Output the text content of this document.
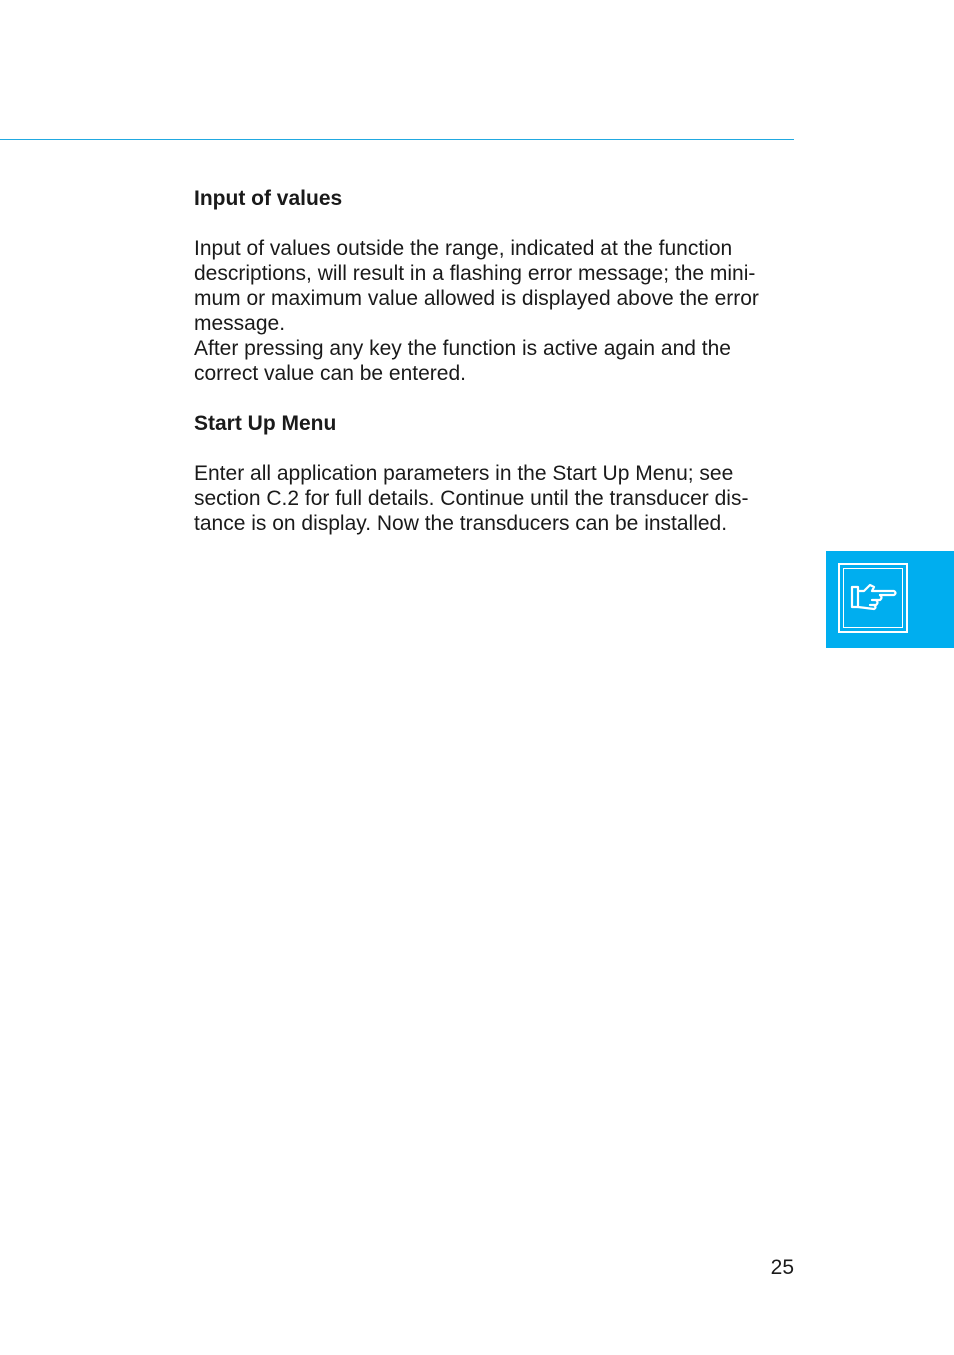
Input of values

Input of values outside the range, indicated at the function
descriptions, will result in a flashing error message; the mini-
mum or maximum value allowed is displayed above the error
message.
After pressing any key the function is active again and the
correct value can be entered.

Start Up Menu

Enter all application parameters in the Start Up Menu; see
section C.2 for full details. Continue until the transducer dis-
tance is on display. Now the transducers can be installed.

25
